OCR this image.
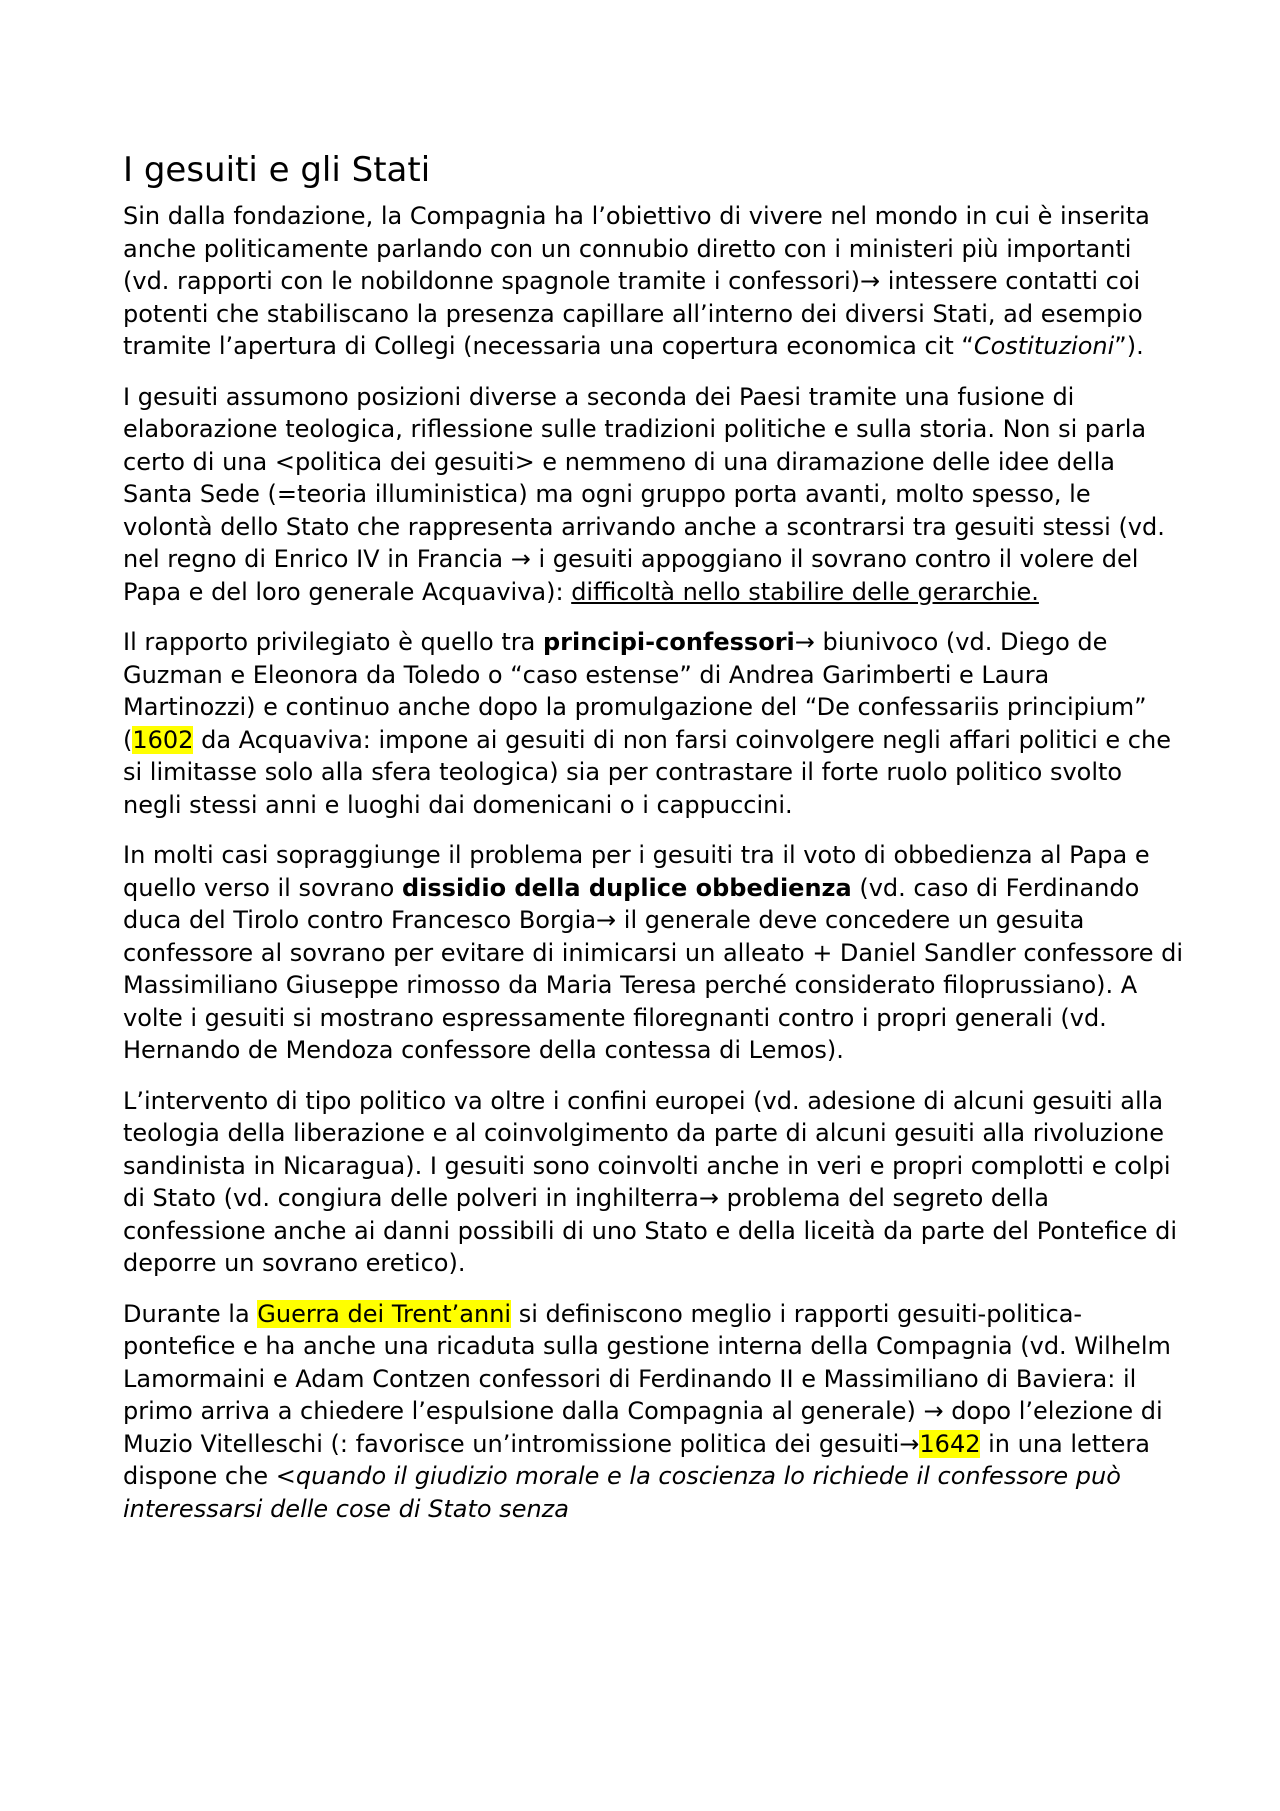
I gesuiti e gli Stati

Sin dalla fondazione, la Compagnia ha l’obiettivo di vivere nel mondo in cui è inserita anche politicamente parlando con un connubio diretto con i ministeri più importanti (vd. rapporti con le nobildonne spagnole tramite i confessori)→ intessere contatti coi potenti che stabiliscano la presenza capillare all’interno dei diversi Stati, ad esempio tramite l’apertura di Collegi (necessaria una copertura economica cit “Costituzioni”).

I gesuiti assumono posizioni diverse a seconda dei Paesi tramite una fusione di elaborazione teologica, riflessione sulle tradizioni politiche e sulla storia. Non si parla certo di una <politica dei gesuiti> e nemmeno di una diramazione delle idee della Santa Sede (=teoria illuministica) ma ogni gruppo porta avanti, molto spesso, le volontà dello Stato che rappresenta arrivando anche a scontrarsi tra gesuiti stessi (vd. nel regno di Enrico IV in Francia → i gesuiti appoggiano il sovrano contro il volere del Papa e del loro generale Acquaviva): difficoltà nello stabilire delle gerarchie.

Il rapporto privilegiato è quello tra principi-confessori→ biunivoco (vd. Diego de Guzman e Eleonora da Toledo o “caso estense” di Andrea Garimberti e Laura Martinozzi) e continuo anche dopo la promulgazione del “De confessariis principium” (1602 da Acquaviva: impone ai gesuiti di non farsi coinvolgere negli affari politici e che si limitasse solo alla sfera teologica) sia per contrastare il forte ruolo politico svolto negli stessi anni e luoghi dai domenicani o i cappuccini.

In molti casi sopraggiunge il problema per i gesuiti tra il voto di obbedienza al Papa e quello verso il sovrano dissidio della duplice obbedienza (vd. caso di Ferdinando duca del Tirolo contro Francesco Borgia→ il generale deve concedere un gesuita confessore al sovrano per evitare di inimicarsi un alleato + Daniel Sandler confessore di Massimiliano Giuseppe rimosso da Maria Teresa perché considerato filoprussiano). A volte i gesuiti si mostrano espressamente filoregnanti contro i propri generali (vd. Hernando de Mendoza confessore della contessa di Lemos).

L’intervento di tipo politico va oltre i confini europei (vd. adesione di alcuni gesuiti alla teologia della liberazione e al coinvolgimento da parte di alcuni gesuiti alla rivoluzione sandinista in Nicaragua). I gesuiti sono coinvolti anche in veri e propri complotti e colpi di Stato (vd. congiura delle polveri in inghilterra→ problema del segreto della confessione anche ai danni possibili di uno Stato e della liceità da parte del Pontefice di deporre un sovrano eretico).

Durante la Guerra dei Trent’anni si definiscono meglio i rapporti gesuiti-politica-pontefice e ha anche una ricaduta sulla gestione interna della Compagnia (vd. Wilhelm Lamormaini e Adam Contzen confessori di Ferdinando II e Massimiliano di Baviera: il primo arriva a chiedere l’espulsione dalla Compagnia al generale) → dopo l’elezione di Muzio Vitelleschi (: favorisce un’intromissione politica dei gesuiti→1642 in una lettera dispone che <quando il giudizio morale e la coscienza lo richiede il confessore può interessarsi delle cose di Stato senza
